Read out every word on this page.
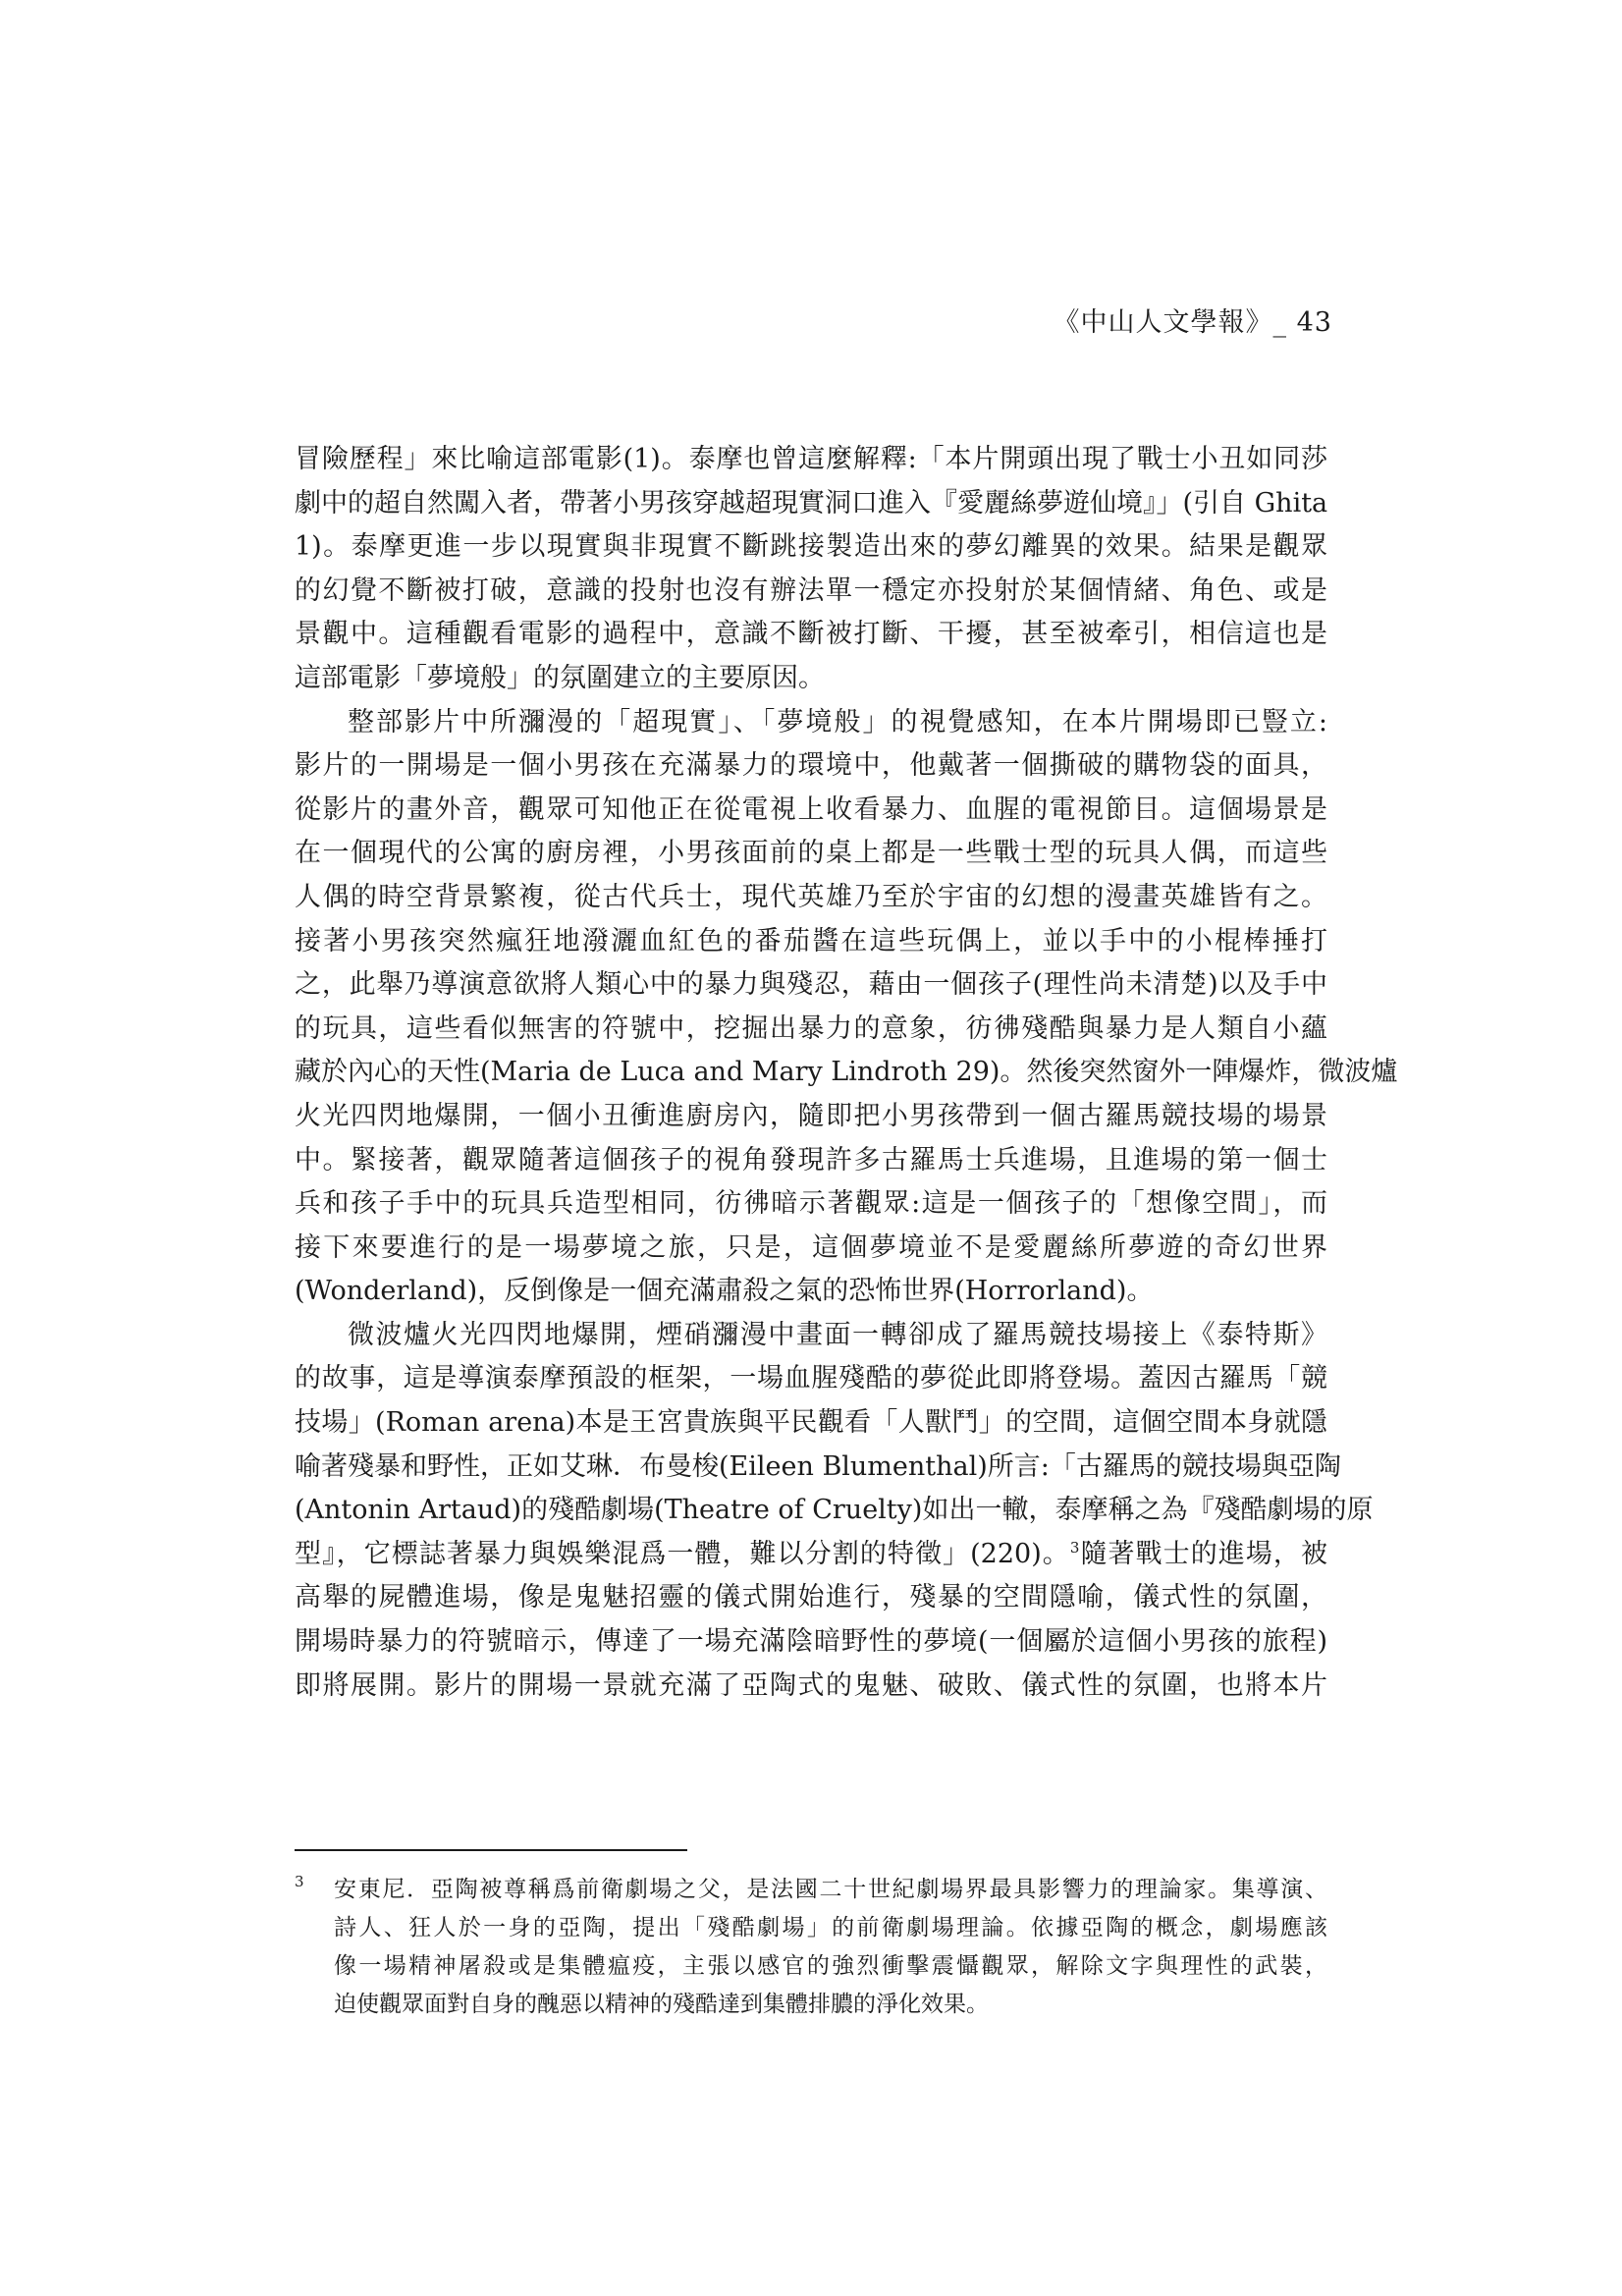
《中山人文學報》_ 43
冒險歷程」來比喻這部電影(1)。泰摩也曾這麼解釋:「本片開頭出現了戰士小丑如同莎
劇中的超自然闖入者，帶著小男孩穿越超現實洞口進入『愛麗絲夢遊仙境』」(引自 Ghita
1)。泰摩更進一步以現實與非現實不斷跳接製造出來的夢幻離異的效果。結果是觀眾
的幻覺不斷被打破，意識的投射也沒有辦法單一穩定亦投射於某個情緒、角色、或是
景觀中。這種觀看電影的過程中，意識不斷被打斷、干擾，甚至被牽引，相信這也是
這部電影「夢境般」的氛圍建立的主要原因。
整部影片中所瀰漫的「超現實」、「夢境般」的視覺感知，在本片開場即已豎立:
影片的一開場是一個小男孩在充滿暴力的環境中，他戴著一個撕破的購物袋的面具，
從影片的畫外音，觀眾可知他正在從電視上收看暴力、血腥的電視節目。這個場景是
在一個現代的公寓的廚房裡，小男孩面前的桌上都是一些戰士型的玩具人偶，而這些
人偶的時空背景繁複，從古代兵士，現代英雄乃至於宇宙的幻想的漫畫英雄皆有之。
接著小男孩突然瘋狂地潑灑血紅色的番茄醬在這些玩偶上，並以手中的小棍棒捶打
之，此舉乃導演意欲將人類心中的暴力與殘忍，藉由一個孩子(理性尚未清楚)以及手中
的玩具，這些看似無害的符號中，挖掘出暴力的意象，彷彿殘酷與暴力是人類自小蘊
藏於內心的天性(Maria de Luca and Mary Lindroth 29)。然後突然窗外一陣爆炸，微波爐
火光四閃地爆開，一個小丑衝進廚房內，隨即把小男孩帶到一個古羅馬競技場的場景
中。緊接著，觀眾隨著這個孩子的視角發現許多古羅馬士兵進場，且進場的第一個士
兵和孩子手中的玩具兵造型相同，彷彿暗示著觀眾:這是一個孩子的「想像空間」，而
接下來要進行的是一場夢境之旅，只是，這個夢境並不是愛麗絲所夢遊的奇幻世界
(Wonderland)，反倒像是一個充滿肅殺之氣的恐怖世界(Horrorland)。
微波爐火光四閃地爆開，煙硝瀰漫中畫面一轉卻成了羅馬競技場接上《泰特斯》
的故事，這是導演泰摩預設的框架，一場血腥殘酷的夢從此即將登場。蓋因古羅馬「競
技場」(Roman arena)本是王宮貴族與平民觀看「人獸鬥」的空間，這個空間本身就隱
喻著殘暴和野性，正如艾琳．布曼梭(Eileen Blumenthal)所言:「古羅馬的競技場與亞陶
(Antonin Artaud)的殘酷劇場(Theatre of Cruelty)如出一轍，泰摩稱之為『殘酷劇場的原
型』，它標誌著暴力與娛樂混爲一體，難以分割的特徵」(220)。$^3$隨著戰士的進場，被
高舉的屍體進場，像是鬼魅招靈的儀式開始進行，殘暴的空間隱喻，儀式性的氛圍，
開場時暴力的符號暗示，傳達了一場充滿陰暗野性的夢境(一個屬於這個小男孩的旅程)
即將展開。影片的開場一景就充滿了亞陶式的鬼魅、破敗、儀式性的氛圍，也將本片
3	安東尼．亞陶被尊稱爲前衛劇場之父，是法國二十世紀劇場界最具影響力的理論家。集導演、
詩人、狂人於一身的亞陶，提出「殘酷劇場」的前衛劇場理論。依據亞陶的概念，劇場應該
像一場精神屠殺或是集體瘟疫，主張以感官的強烈衝擊震懾觀眾，解除文字與理性的武裝，
迫使觀眾面對自身的醜惡以精神的殘酷達到集體排膿的淨化效果。
